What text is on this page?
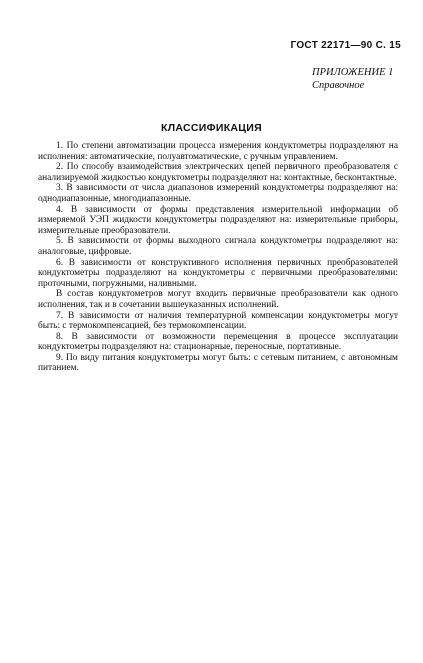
ГОСТ 22171—90 С. 15
ПРИЛОЖЕНИЕ 1
Справочное
КЛАССИФИКАЦИЯ

1. По степени автоматизации процесса измерения кондуктометры подразделяют на исполнения: автоматические, полуавтоматические, с ручным управлением.

2. По способу взаимодействия электрических цепей первичного преобразователя с анализируемой жидкостью кондуктометры подразделяют на: контактные, бесконтактные.

3. В зависимости от числа диапазонов измерений кондуктометры подразделяют на: однодиапазонные, многодиапазонные.

4. В зависимости от формы представления измерительной информации об измеряемой УЭП жидкости кондуктометры подразделяют на: измерительные приборы, измерительные преобразователи.

5. В зависимости от формы выходного сигнала кондуктометры подразделяют на: аналоговые, цифровые.

6. В зависимости от конструктивного исполнения первичных преобразователей кондуктометры подразделяют на кондуктометры с первичными преобразователями: проточными, погружными, наливными.

В состав кондуктометров могут входить первичные преобразователи как одного исполнения, так и в сочетании вышеуказанных исполнений.

7. В зависимости от наличия температурной компенсации кондуктометры могут быть: с термокомпенсацией, без термокомпенсации.

8. В зависимости от возможности перемещения в процессе эксплуатации кондуктометры подразделяют на: стационарные, переносные, портативные.

9. По виду питания кондуктометры могут быть: с сетевым питанием, с автономным питанием.
